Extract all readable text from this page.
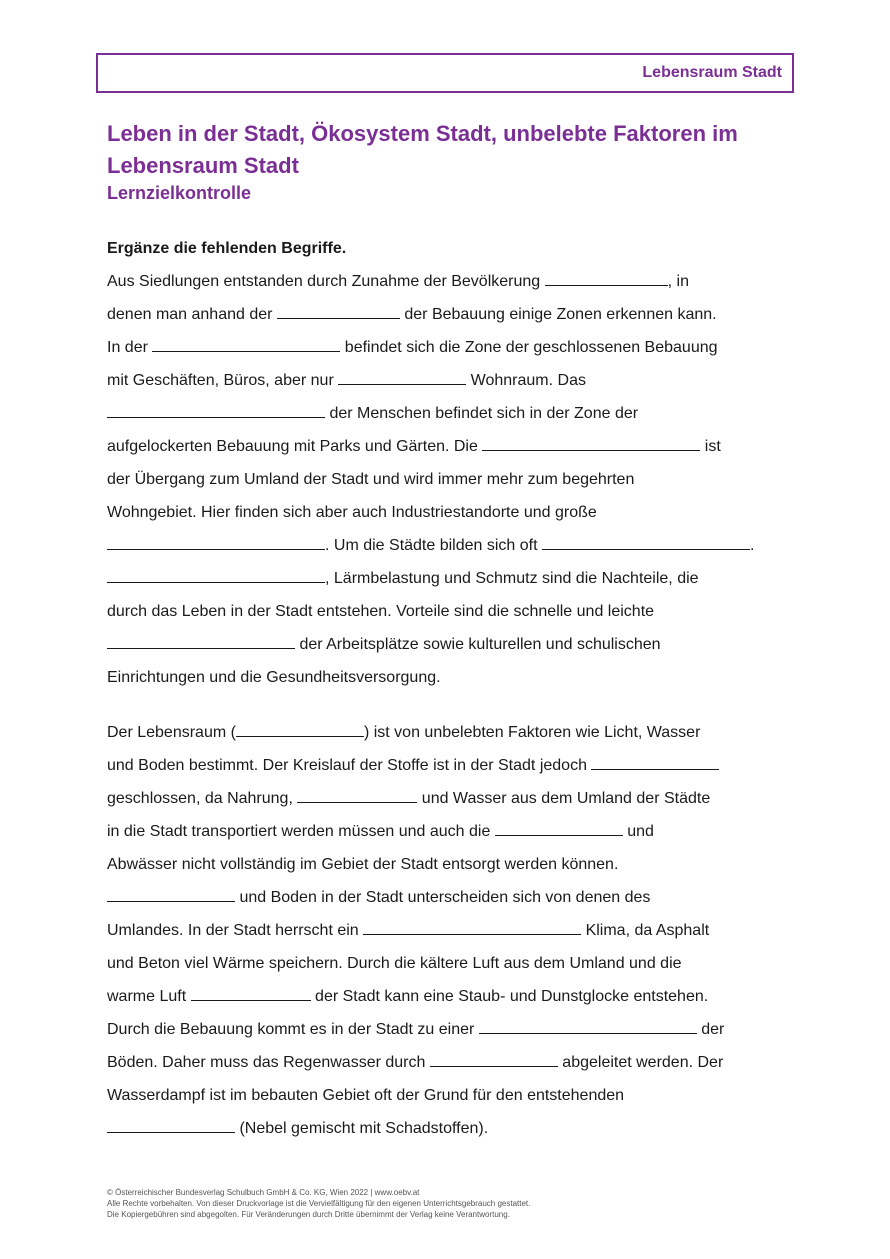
Lebensraum Stadt
Leben in der Stadt, Ökosystem Stadt, unbelebte Faktoren im Lebensraum Stadt
Lernzielkontrolle
Ergänze die fehlenden Begriffe.
Aus Siedlungen entstanden durch Zunahme der Bevölkerung	, in
denen man anhand der	der Bebauung einige Zonen erkennen kann.
In der	befindet sich die Zone der geschlossenen Bebauung
mit Geschäften, Büros, aber nur	Wohnraum. Das
der Menschen befindet sich in der Zone der
aufgelockerten Bebauung mit Parks und Gärten. Die	ist
der Übergang zum Umland der Stadt und wird immer mehr zum begehrten
Wohngebiet. Hier finden sich aber auch Industriestandorte und große
. Um die Städte bilden sich oft	.
, Lärmbelastung und Schmutz sind die Nachteile, die
durch das Leben in der Stadt entstehen. Vorteile sind die schnelle und leichte
der Arbeitsplätze sowie kulturellen und schulischen
Einrichtungen und die Gesundheitsversorgung.
Der Lebensraum (	) ist von unbelebten Faktoren wie Licht, Wasser
und Boden bestimmt. Der Kreislauf der Stoffe ist in der Stadt jedoch
geschlossen, da Nahrung,	und Wasser aus dem Umland der Städte
in die Stadt transportiert werden müssen und auch die	und
Abwässer nicht vollständig im Gebiet der Stadt entsorgt werden können.
und Boden in der Stadt unterscheiden sich von denen des
Umlandes. In der Stadt herrscht ein	Klima, da Asphalt
und Beton viel Wärme speichern. Durch die kältere Luft aus dem Umland und die
warme Luft	der Stadt kann eine Staub- und Dunstglocke entstehen.
Durch die Bebauung kommt es in der Stadt zu einer	der
Böden. Daher muss das Regenwasser durch	abgeleitet werden. Der
Wasserdampf ist im bebauten Gebiet oft der Grund für den entstehenden
(Nebel gemischt mit Schadstoffen).
© Österreichischer Bundesverlag Schulbuch GmbH & Co. KG, Wien 2022 | www.oebv.at
Alle Rechte vorbehalten. Von dieser Druckvorlage ist die Vervielfältigung für den eigenen Unterrichtsgebrauch gestattet.
Die Kopiergebühren sind abgegolten. Für Veränderungen durch Dritte übernimmt der Verlag keine Verantwortung.
